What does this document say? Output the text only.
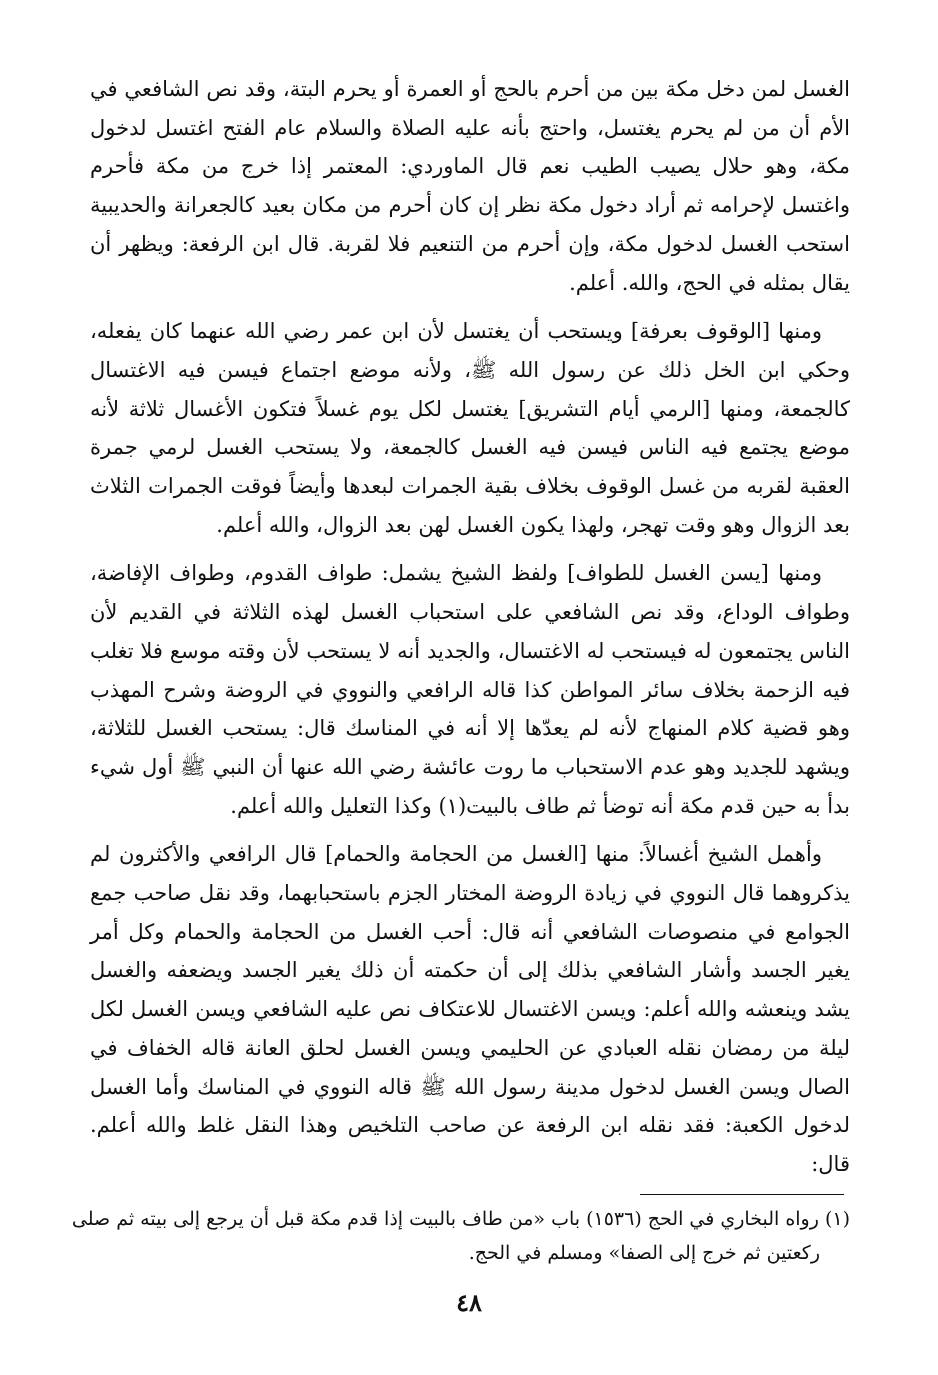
الغسل لمن دخل مكة بين من أحرم بالحج أو العمرة أو يحرم البتة، وقد نص الشافعي في الأم أن من لم يحرم يغتسل، واحتج بأنه عليه الصلاة والسلام عام الفتح اغتسل لدخول مكة، وهو حلال يصيب الطيب نعم قال الماوردي: المعتمر إذا خرج من مكة فأحرم واغتسل لإحرامه ثم أراد دخول مكة نظر إن كان أحرم من مكان بعيد كالجعرانة والحديبية استحب الغسل لدخول مكة، وإن أحرم من التنعيم فلا لقربة. قال ابن الرفعة: ويظهر أن يقال بمثله في الحج، والله. أعلم.

ومنها [الوقوف بعرفة] ويستحب أن يغتسل لأن ابن عمر رضي الله عنهما كان يفعله، وحكي ابن الخل ذلك عن رسول الله ﷺ، ولأنه موضع اجتماع فيسن فيه الاغتسال كالجمعة، ومنها [الرمي أيام التشريق] يغتسل لكل يوم غسلاً فتكون الأغسال ثلاثة لأنه موضع يجتمع فيه الناس فيسن فيه الغسل كالجمعة، ولا يستحب الغسل لرمي جمرة العقبة لقربه من غسل الوقوف بخلاف بقية الجمرات لبعدها وأيضاً فوقت الجمرات الثلاث بعد الزوال وهو وقت تهجر، ولهذا يكون الغسل لهن بعد الزوال، والله أعلم.

ومنها [يسن الغسل للطواف] ولفظ الشيخ يشمل: طواف القدوم، وطواف الإفاضة، وطواف الوداع، وقد نص الشافعي على استحباب الغسل لهذه الثلاثة في القديم لأن الناس يجتمعون له فيستحب له الاغتسال، والجديد أنه لا يستحب لأن وقته موسع فلا تغلب فيه الزحمة بخلاف سائر المواطن كذا قاله الرافعي والنووي في الروضة وشرح المهذب وهو قضية كلام المنهاج لأنه لم يعدّها إلا أنه في المناسك قال: يستحب الغسل للثلاثة، ويشهد للجديد وهو عدم الاستحباب ما روت عائشة رضي الله عنها أن النبي ﷺ أول شيء بدأ به حين قدم مكة أنه توضأ ثم طاف بالبيت(١) وكذا التعليل والله أعلم.

وأهمل الشيخ أغسالاً: منها [الغسل من الحجامة والحمام] قال الرافعي والأكثرون لم يذكروهما قال النووي في زيادة الروضة المختار الجزم باستحبابهما، وقد نقل صاحب جمع الجوامع في منصوصات الشافعي أنه قال: أحب الغسل من الحجامة والحمام وكل أمر يغير الجسد وأشار الشافعي بذلك إلى أن حكمته أن ذلك يغير الجسد ويضعفه والغسل يشد وينعشه والله أعلم: ويسن الاغتسال للاعتكاف نص عليه الشافعي ويسن الغسل لكل ليلة من رمضان نقله العبادي عن الحليمي ويسن الغسل لحلق العانة قاله الخفاف في الصال ويسن الغسل لدخول مدينة رسول الله ﷺ قاله النووي في المناسك وأما الغسل لدخول الكعبة: فقد نقله ابن الرفعة عن صاحب التلخيص وهذا النقل غلط والله أعلم. قال:

(١) رواه البخاري في الحج (١٥٣٦) باب «من طاف بالبيت إذا قدم مكة قبل أن يرجع إلى بيته ثم صلى
ركعتين ثم خرج إلى الصفا» ومسلم في الحج.
٤٨
